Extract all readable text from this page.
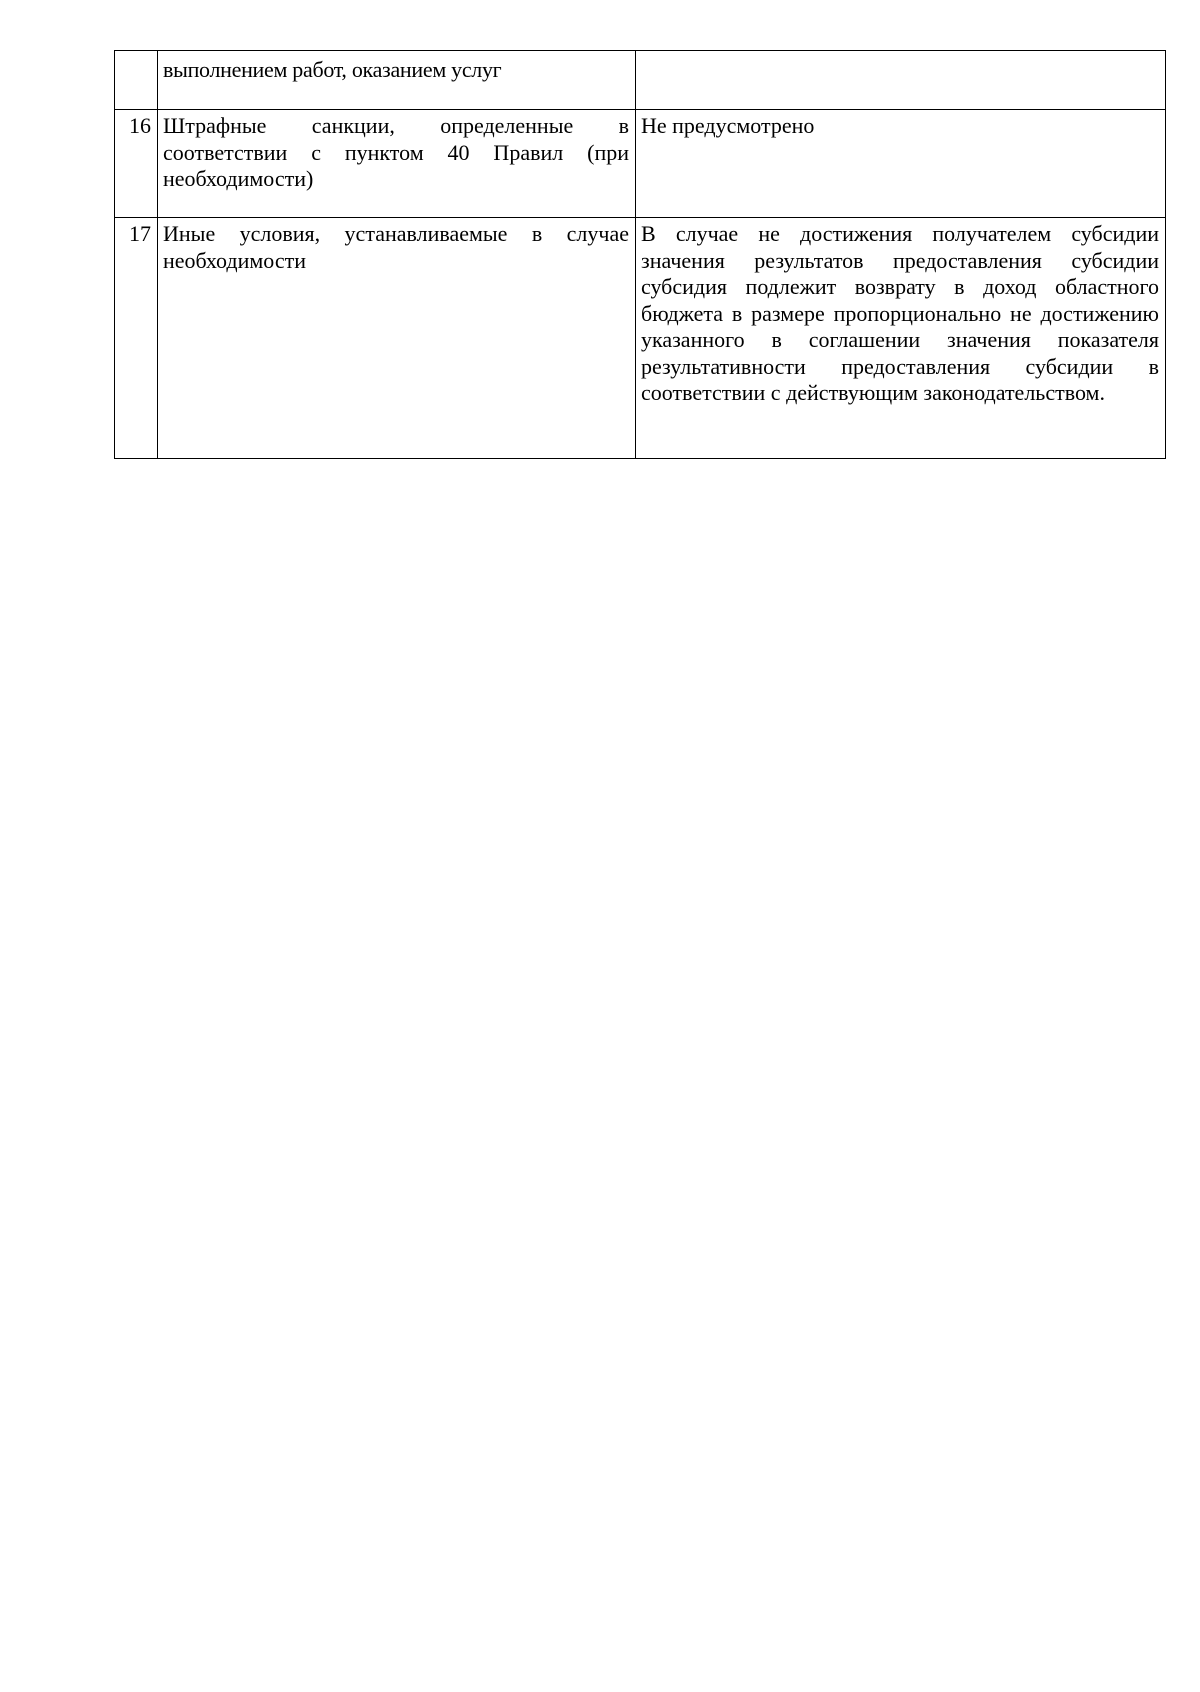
	выполнением работ, оказанием услуг	
16	Штрафные санкции, определенные в соответствии с пунктом 40 Правил (при необходимости)	Не предусмотрено
17	Иные условия, устанавливаемые в случае необходимости	В случае не достижения получателем субсидии значения результатов предоставления субсидии субсидия подлежит возврату в доход областного бюджета в размере пропорционально не достижению указанного в соглашении значения показателя результативности предоставления субсидии в соответствии с действующим законодательством.
